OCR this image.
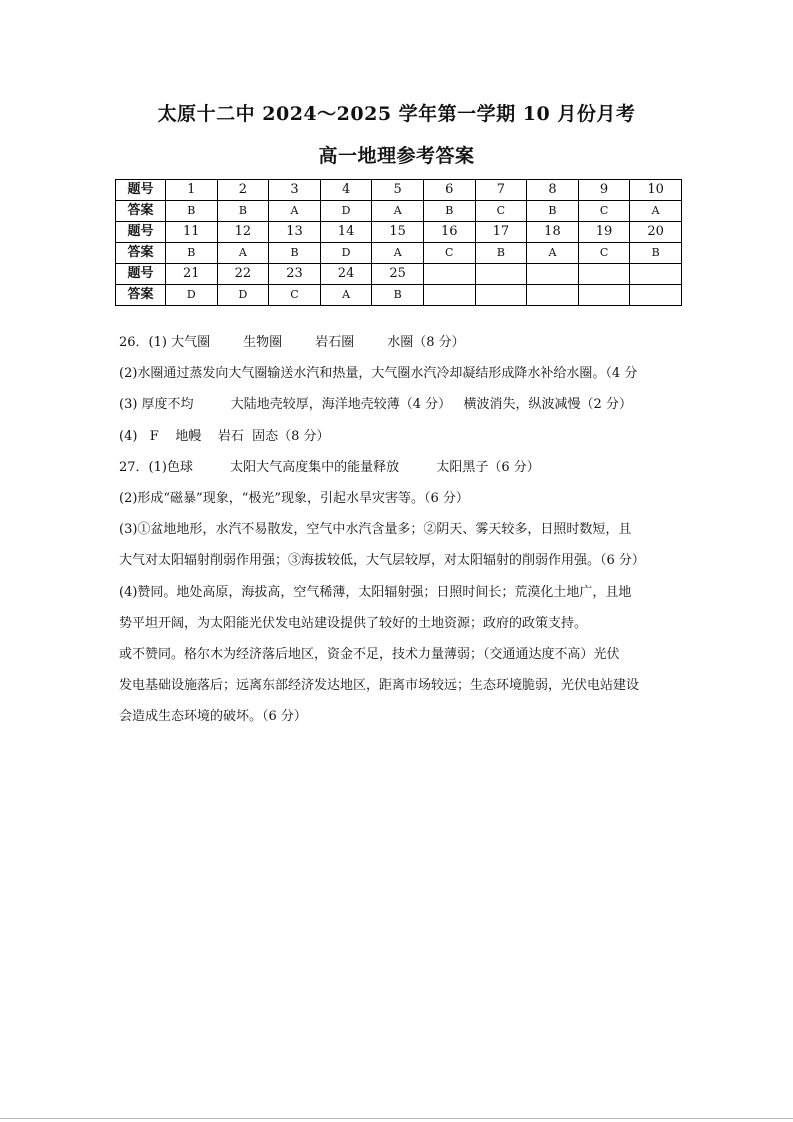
太原十二中 2024～2025 学年第一学期 10 月份月考
高一地理参考答案
题号	1	2	3	4	5	6	7	8	9	10
答案	B	B	A	D	A	B	C	B	C	A
题号	11	12	13	14	15	16	17	18	19	20
答案	B	A	B	D	A	C	B	A	C	B
题号	21	22	23	24	25					
答案	D	D	C	A	B					
26．(1) 大气圈        生物圈        岩石圈        水圈（8 分）
(2)水圈通过蒸发向大气圈输送水汽和热量，大气圈水汽冷却凝结形成降水补给水圈。（4 分
(3) 厚度不均         大陆地壳较厚，海洋地壳较薄（4 分）   横波消失，纵波减慢（2 分）
(4)   F    地幔    岩石  固态（8 分）
27．(1)色球         太阳大气高度集中的能量释放         太阳黑子（6 分）
(2)形成“磁暴”现象，“极光”现象，引起水旱灾害等。（6 分）
(3)①盆地地形，水汽不易散发，空气中水汽含量多；②阴天、雾天较多，日照时数短，且
大气对太阳辐射削弱作用强；③海拔较低，大气层较厚，对太阳辐射的削弱作用强。（6 分）
(4)赞同。地处高原，海拔高，空气稀薄，太阳辐射强；日照时间长；荒漠化土地广，且地
势平坦开阔，为太阳能光伏发电站建设提供了较好的土地资源；政府的政策支持。
或不赞同。格尔木为经济落后地区，资金不足，技术力量薄弱；（交通通达度不高）光伏
发电基础设施落后；远离东部经济发达地区，距离市场较远；生态环境脆弱，光伏电站建设
会造成生态环境的破坏。（6 分）
